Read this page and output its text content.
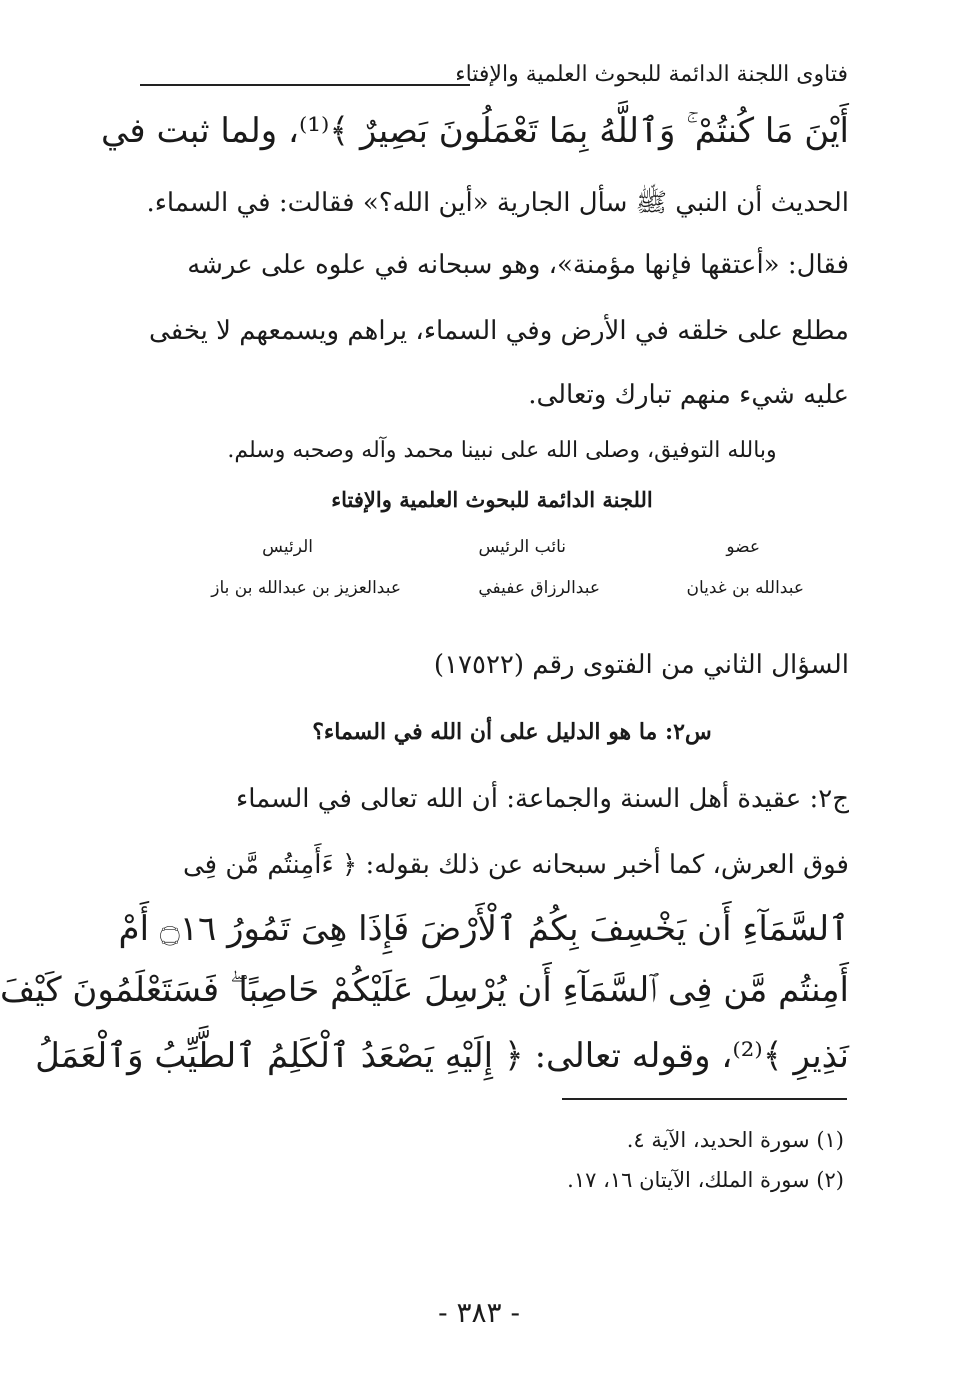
فتاوى اللجنة الدائمة للبحوث العلمية والإفتاء
أَيْنَ مَا كُنتُمْ ۚ وَٱللَّهُ بِمَا تَعْمَلُونَ بَصِيرٌ ﴾⁽¹⁾، ولما ثبت في
الحديث أن النبي ﷺ سأل الجارية «أين الله؟» فقالت: في السماء.
فقال: «أعتقها فإنها مؤمنة»، وهو سبحانه في علوه على عرشه
مطلع على خلقه في الأرض وفي السماء، يراهم ويسمعهم لا يخفى
عليه شيء منهم تبارك وتعالى.
وبالله التوفيق، وصلى الله على نبينا محمد وآله وصحبه وسلم.
اللجنة الدائمة للبحوث العلمية والإفتاء
عضو
عبدالله بن غديان
نائب الرئيس
عبدالرزاق عفيفي
الرئيس
عبدالعزيز بن عبدالله بن باز
السؤال الثاني من الفتوى رقم (١٧٥٢٢)
س٢: ما هو الدليل على أن الله في السماء؟
ج٢: عقيدة أهل السنة والجماعة: أن الله تعالى في السماء
فوق العرش، كما أخبر سبحانه عن ذلك بقوله: ﴿ ءَأَمِنتُم مَّن فِى
ٱلسَّمَآءِ أَن يَخْسِفَ بِكُمُ ٱلْأَرْضَ فَإِذَا هِىَ تَمُورُ ۝١٦ أَمْ
أَمِنتُم مَّن فِى ٱلسَّمَآءِ أَن يُرْسِلَ عَلَيْكُمْ حَاصِبًا ۖ فَسَتَعْلَمُونَ كَيْفَ
نَذِيرِ ﴾⁽²⁾، وقوله تعالى: ﴿ إِلَيْهِ يَصْعَدُ ٱلْكَلِمُ ٱلطَّيِّبُ وَٱلْعَمَلُ
(١) سورة الحديد، الآية ٤.
(٢) سورة الملك، الآيتان ١٦، ١٧.
- ٣٨٣ -
